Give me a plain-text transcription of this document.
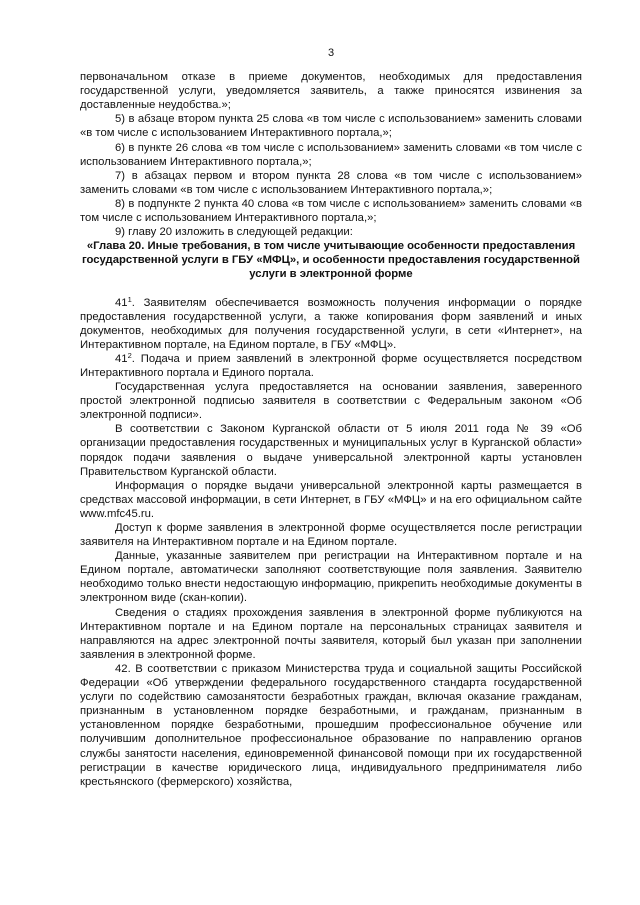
3

первоначальном отказе в приеме документов, необходимых для предоставления государственной услуги, уведомляется заявитель, а также приносятся извинения за доставленные неудобства.»;

5) в абзаце втором пункта 25 слова «в том числе с использованием» заменить словами «в том числе с использованием Интерактивного портала,»;

6) в пункте 26 слова «в том числе с использованием» заменить словами «в том числе с использованием Интерактивного портала,»;

7) в абзацах первом и втором пункта 28 слова «в том числе с использованием» заменить словами «в том числе с использованием Интерактивного портала,»;

8) в подпункте 2 пункта 40 слова «в том числе с использованием» заменить словами «в том числе с использованием Интерактивного портала,»;

9) главу 20 изложить в следующей редакции:

«Глава 20. Иные требования, в том числе учитывающие особенности предоставления государственной услуги в ГБУ «МФЦ», и особенности предоставления государственной услуги в электронной форме

$41^1$. Заявителям обеспечивается возможность получения информации о порядке предоставления государственной услуги, а также копирования форм заявлений и иных документов, необходимых для получения государственной услуги, в сети «Интернет», на Интерактивном портале, на Едином портале, в ГБУ «МФЦ».

$41^2$. Подача и прием заявлений в электронной форме осуществляется посредством Интерактивного портала и Единого портала.

Государственная услуга предоставляется на основании заявления, заверенного простой электронной подписью заявителя в соответствии с Федеральным законом «Об электронной подписи».

В соответствии с Законом Курганской области от 5 июля 2011 года № 39 «Об организации предоставления государственных и муниципальных услуг в Курганской области» порядок подачи заявления о выдаче универсальной электронной карты установлен Правительством Курганской области.

Информация о порядке выдачи универсальной электронной карты размещается в средствах массовой информации, в сети Интернет, в ГБУ «МФЦ» и на его официальном сайте www.mfc45.ru.

Доступ к форме заявления в электронной форме осуществляется после регистрации заявителя на Интерактивном портале и на Едином портале.

Данные, указанные заявителем при регистрации на Интерактивном портале и на Едином портале, автоматически заполняют соответствующие поля заявления. Заявителю необходимо только внести недостающую информацию, прикрепить необходимые документы в электронном виде (скан-копии).

Сведения о стадиях прохождения заявления в электронной форме публикуются на Интерактивном портале и на Едином портале на персональных страницах заявителя и направляются на адрес электронной почты заявителя, который был указан при заполнении заявления в электронной форме.

42. В соответствии с приказом Министерства труда и социальной защиты Российской Федерации «Об утверждении федерального государственного стандарта государственной услуги по содействию самозанятости безработных граждан, включая оказание гражданам, признанным в установленном порядке безработными, и гражданам, признанным в установленном порядке безработными, прошедшим профессиональное обучение или получившим дополнительное профессиональное образование по направлению органов службы занятости населения, единовременной финансовой помощи при их государственной регистрации в качестве юридического лица, индивидуального предпринимателя либо крестьянского (фермерского) хозяйства,
